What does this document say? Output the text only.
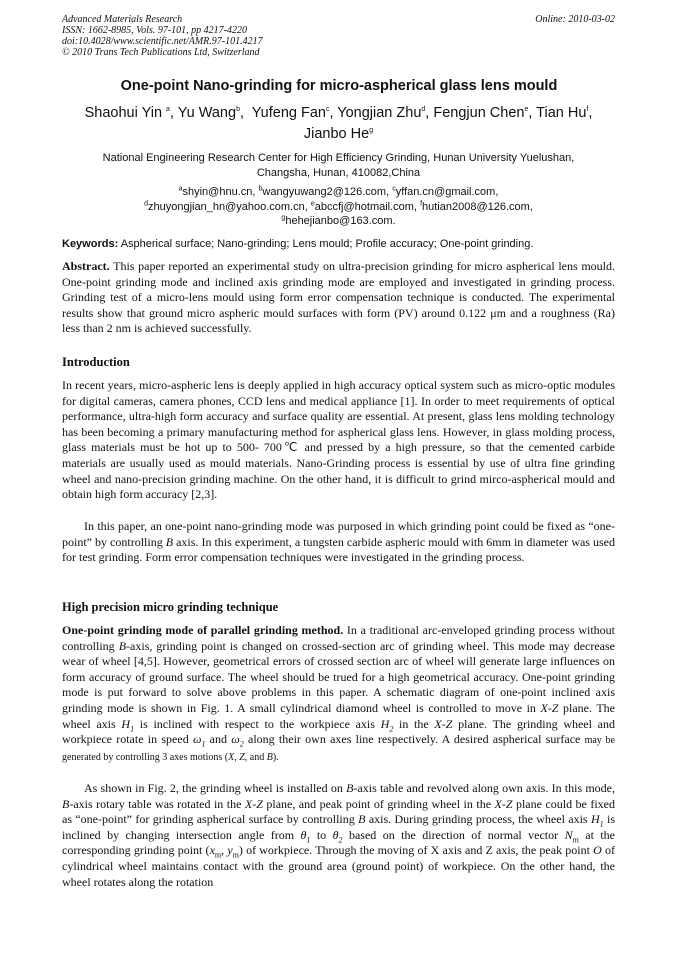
Advanced Materials Research
ISSN: 1662-8985, Vols. 97-101, pp 4217-4220
doi:10.4028/www.scientific.net/AMR.97-101.4217
© 2010 Trans Tech Publications Ltd, Switzerland
Online: 2010-03-02
One-point Nano-grinding for micro-aspherical glass lens mould
Shaohui Yin $^a$, Yu Wang$^b$,  Yufeng Fan$^c$, Yongjian Zhu$^d$, Fengjun Chen$^e$, Tian Hu$^f$, Jianbo He$^g$
National Engineering Research Center for High Efficiency Grinding, Hunan University Yuelushan,
Changsha, Hunan, 410082,China
$^a$shyin@hnu.cn, $^b$wangyuwang2@126.com, $^c$yffan.cn@gmail.com,
$^d$zhuyongjian_hn@yahoo.com.cn, $^e$abccfj@hotmail.com, $^f$hutian2008@126.com,
$^g$hehejianbo@163.com.
Keywords: Aspherical surface; Nano-grinding; Lens mould; Profile accuracy; One-point grinding.
Abstract. This paper reported an experimental study on ultra-precision grinding for micro aspherical lens mould. One-point grinding mode and inclined axis grinding mode are employed and investigated in grinding process. Grinding test of a micro-lens mould using form error compensation technique is conducted. The experimental results show that ground micro aspheric mould surfaces with form (PV) around 0.122 μm and a roughness (Ra) less than 2 nm is achieved successfully.
Introduction
In recent years, micro-aspheric lens is deeply applied in high accuracy optical system such as micro-optic modules for digital cameras, camera phones, CCD lens and medical appliance [1]. In order to meet requirements of optical performance, ultra-high form accuracy and surface quality are essential. At present, glass lens molding technology has been becoming a primary manufacturing method for aspherical glass lens. However, in glass molding process, glass materials must be hot up to 500- 700℃ and pressed by a high pressure, so that the cemented carbide materials are usually used as mould materials. Nano-Grinding process is essential by use of ultra fine grinding wheel and nano-precision grinding machine. On the other hand, it is difficult to grind mirco-aspherical mould and obtain high form accuracy [2,3].
In this paper, an one-point nano-grinding mode was purposed in which grinding point could be fixed as “one-point” by controlling B axis. In this experiment, a tungsten carbide aspheric mould with 6mm in diameter was used for test grinding. Form error compensation techniques were investigated in the grinding process.
High precision micro grinding technique
One-point grinding mode of parallel grinding method. In a traditional arc-enveloped grinding process without controlling B-axis, grinding point is changed on crossed-section arc of grinding wheel. This mode may decrease wear of wheel [4,5]. However, geometrical errors of crossed section arc of wheel will generate large influences on form accuracy of ground surface. The wheel should be trued for a high geometrical accuracy. One-point grinding mode is put forward to solve above problems in this paper. A schematic diagram of one-point inclined axis grinding mode is shown in Fig. 1. A small cylindrical diamond wheel is controlled to move in X-Z plane. The wheel axis $H_1$ is inclined with respect to the workpiece axis $H_2$ in the X-Z plane. The grinding wheel and workpiece rotate in speed $\omega_1$ and $\omega_2$ along their own axes line respectively. A desired aspherical surface may be generated by controlling 3 axes motions (X, Z, and B).
As shown in Fig. 2, the grinding wheel is installed on B-axis table and revolved along own axis. In this mode, B-axis rotary table was rotated in the X-Z plane, and peak point of grinding wheel in the X-Z plane could be fixed as “one-point” for grinding aspherical surface by controlling B axis. During grinding process, the wheel axis $H_1$ is inclined by changing intersection angle from $\theta_1$ to $\theta_2$ based on the direction of normal vector $N_m$ at the corresponding grinding point ($x_m$, $y_m$) of workpiece. Through the moving of X axis and Z axis, the peak point O of cylindrical wheel maintains contact with the ground area (ground point) of workpiece. On the other hand, the wheel rotates along the rotation
